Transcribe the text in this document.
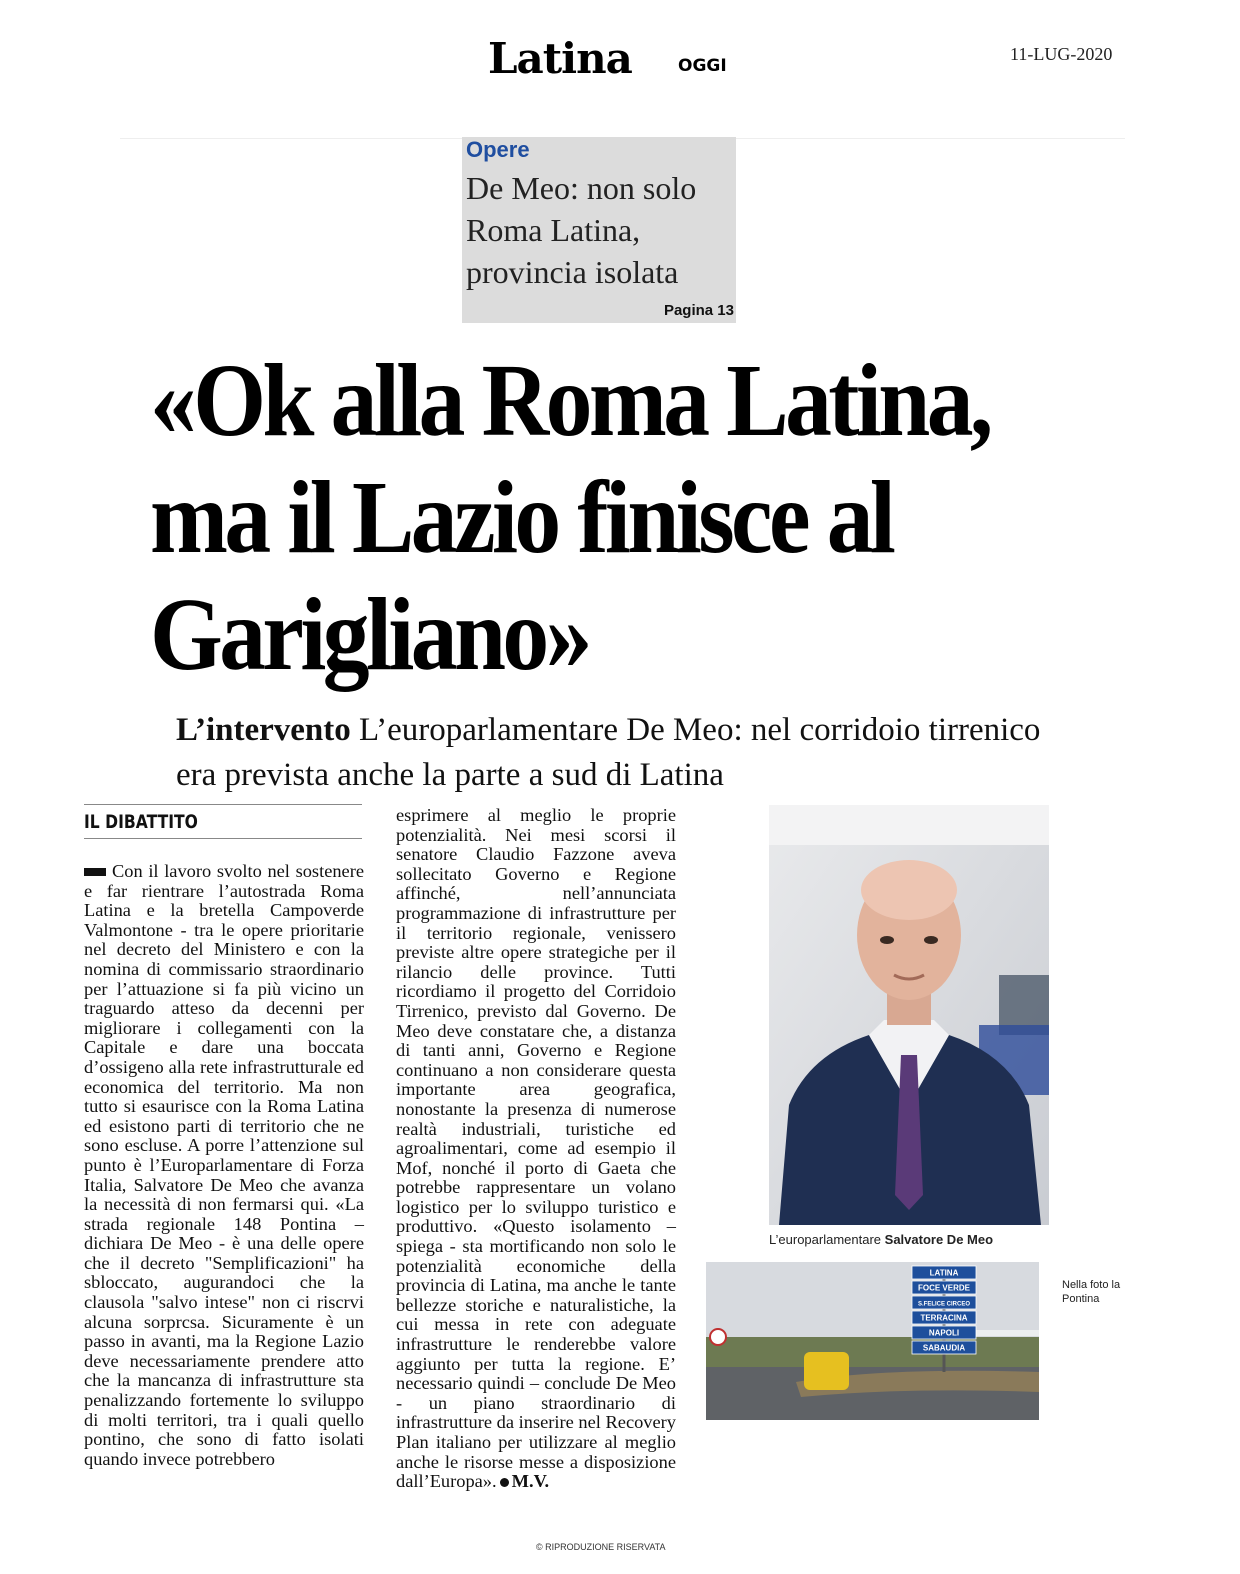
Latina	OGGI
11-LUG-2020
Opere
De Meo: non solo Roma Latina, provincia isolata
Pagina 13
«Ok alla Roma Latina, ma il Lazio finisce al Garigliano»
L’intervento L’europarlamentare De Meo: nel corridoio tirrenico era prevista anche la parte a sud di Latina
IL DIBATTITO
Con il lavoro svolto nel sostenere e far rientrare l’autostrada Roma Latina e la bretella Campoverde Valmontone - tra le opere prioritarie nel decreto del Ministero e con la nomina di commissario straordinario per l’attuazione si fa più vicino un traguardo atteso da decenni per migliorare i collegamenti con la Capitale e dare una boccata d’ossigeno alla rete infrastrutturale ed economica del territorio. Ma non tutto si esaurisce con la Roma Latina ed esistono parti di territorio che ne sono escluse. A porre l’attenzione sul punto è l’Europarlamentare di Forza Italia, Salvatore De Meo che avanza la necessità di non fermarsi qui. «La strada regionale 148 Pontina – dichiara De Meo - è una delle opere che il decreto "Semplificazioni" ha sbloccato, augurandoci che la clausola "salvo intese" non ci riscrvi alcuna sorprcsa. Sicuramente è un passo in avanti, ma la Regione Lazio deve necessariamente prendere atto che la mancanza di infrastrutture sta penalizzando fortemente lo sviluppo di molti territori, tra i quali quello pontino, che sono di fatto isolati quando invece potrebbero
esprimere al meglio le proprie potenzialità. Nei mesi scorsi il senatore Claudio Fazzone aveva sollecitato Governo e Regione affinché, nell’annunciata programmazione di infrastrutture per il territorio regionale, venissero previste altre opere strategiche per il rilancio delle province. Tutti ricordiamo il progetto del Corridoio Tirrenico, previsto dal Governo. De Meo deve constatare che, a distanza di tanti anni, Governo e Regione continuano a non considerare questa importante area geografica, nonostante la presenza di numerose realtà industriali, turistiche ed agroalimentari, come ad esempio il Mof, nonché il porto di Gaeta che potrebbe rappresentare un volano logistico per lo sviluppo turistico e produttivo. «Questo isolamento – spiega - sta mortificando non solo le potenzialità economiche della provincia di Latina, ma anche le tante bellezze storiche e naturalistiche, la cui messa in rete con adeguate infrastrutture le renderebbe valore aggiunto per tutta la regione. E’ necessario quindi – conclude De Meo - un piano straordinario di infrastrutture da inserire nel Recovery Plan italiano per utilizzare al meglio anche le risorse messe a disposizione dall’Europa». M.V.
© RIPRODUZIONE RISERVATA
L’europarlamentare Salvatore De Meo
LATINA
FOCE VERDE
S.FELICE CIRCEO
TERRACINA
NAPOLI
SABAUDIA
Nella foto la Pontina
